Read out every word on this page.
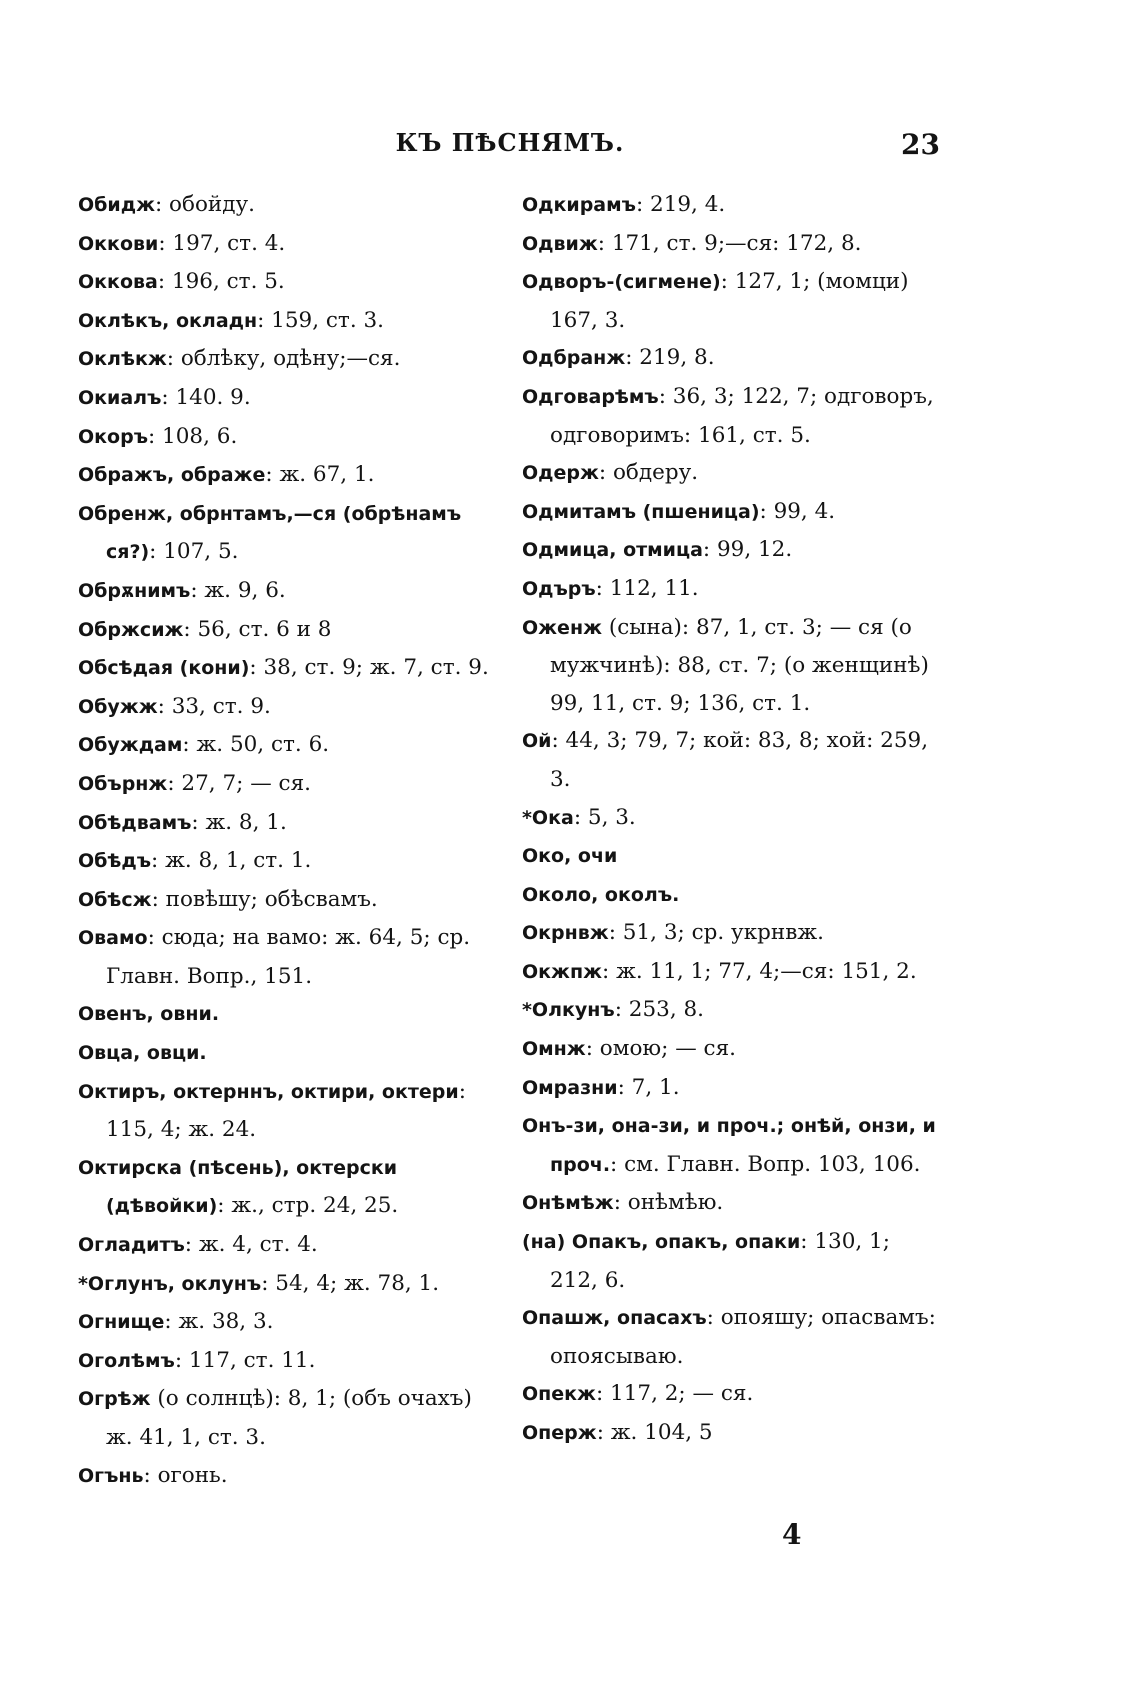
КЪ ПѢСНЯМЪ.	23
Обидж: обойду.
Оккови: 197, ст. 4.
Оккова: 196, ст. 5.
Оклѣкъ, окладн: 159, ст. 3.
Оклѣкж: облѣку, одѣну;—ся.
Окиалъ: 140. 9.
Окоръ: 108, 6.
Ображъ, ображе: ж. 67, 1.
Обренж, обрнтамъ,—ся (обрѣнамъ ся?): 107, 5.
Обрѫнимъ: ж. 9, 6.
Обржсиж: 56, ст. 6 и 8
Обсѣдая (кони): 38, ст. 9; ж. 7, ст. 9.
Обужж: 33, ст. 9.
Обуждам: ж. 50, ст. 6.
Обърнж: 27, 7; — ся.
Обѣдвамъ: ж. 8, 1.
Обѣдъ: ж. 8, 1, ст. 1.
Обѣсж: повѣшу; обѣсвамъ.
Овамо: сюда; на вамо: ж. 64, 5; ср. Главн. Вопр., 151.
Овенъ, овни.
Овца, овци.
Октиръ, октерннъ, октири, октери: 115, 4; ж. 24.
Октирска (пѣсень), октерски (дѣвойки): ж., стр. 24, 25.
Огладитъ: ж. 4, ст. 4.
*Оглунъ, оклунъ: 54, 4; ж. 78, 1.
Огнище: ж. 38, 3.
Оголѣмъ: 117, ст. 11.
Огрѣж (о солнцѣ): 8, 1; (объ очахъ) ж. 41, 1, ст. 3.
Огънь: огонь.
Одкирамъ: 219, 4.
Одвиж: 171, ст. 9;—ся: 172, 8.
Одворъ-(сигмене): 127, 1; (момци) 167, 3.
Одбранж: 219, 8.
Одговарѣмъ: 36, 3; 122, 7; одговоръ, одговоримъ: 161, ст. 5.
Одерж: обдеру.
Одмитамъ (пшеница): 99, 4.
Одмица, отмица: 99, 12.
Одъръ: 112, 11.
Оженж (сына): 87, 1, ст. 3; — ся (о мужчинѣ): 88, ст. 7; (о женщинѣ) 99, 11, ст. 9; 136, ст. 1.
Ой: 44, 3; 79, 7; кой: 83, 8; хой: 259, 3.
*Ока: 5, 3.
Око, очи
Около, околъ.
Окрнвж: 51, 3; ср. укрнвж.
Окжпж: ж. 11, 1; 77, 4;—ся: 151, 2.
*Олкунъ: 253, 8.
Омнж: омою; — ся.
Омразни: 7, 1.
Онъ-зи, она-зи, и проч.; онѣй, онзи, и проч.: см. Главн. Вопр. 103, 106.
Онѣмѣж: онѣмѣю.
(на) Опакъ, опакъ, опаки: 130, 1; 212, 6.
Опашж, опасахъ: опояшу; опасвамъ: опоясываю.
Опекж: 117, 2; — ся.
Оперж: ж. 104, 5
4
